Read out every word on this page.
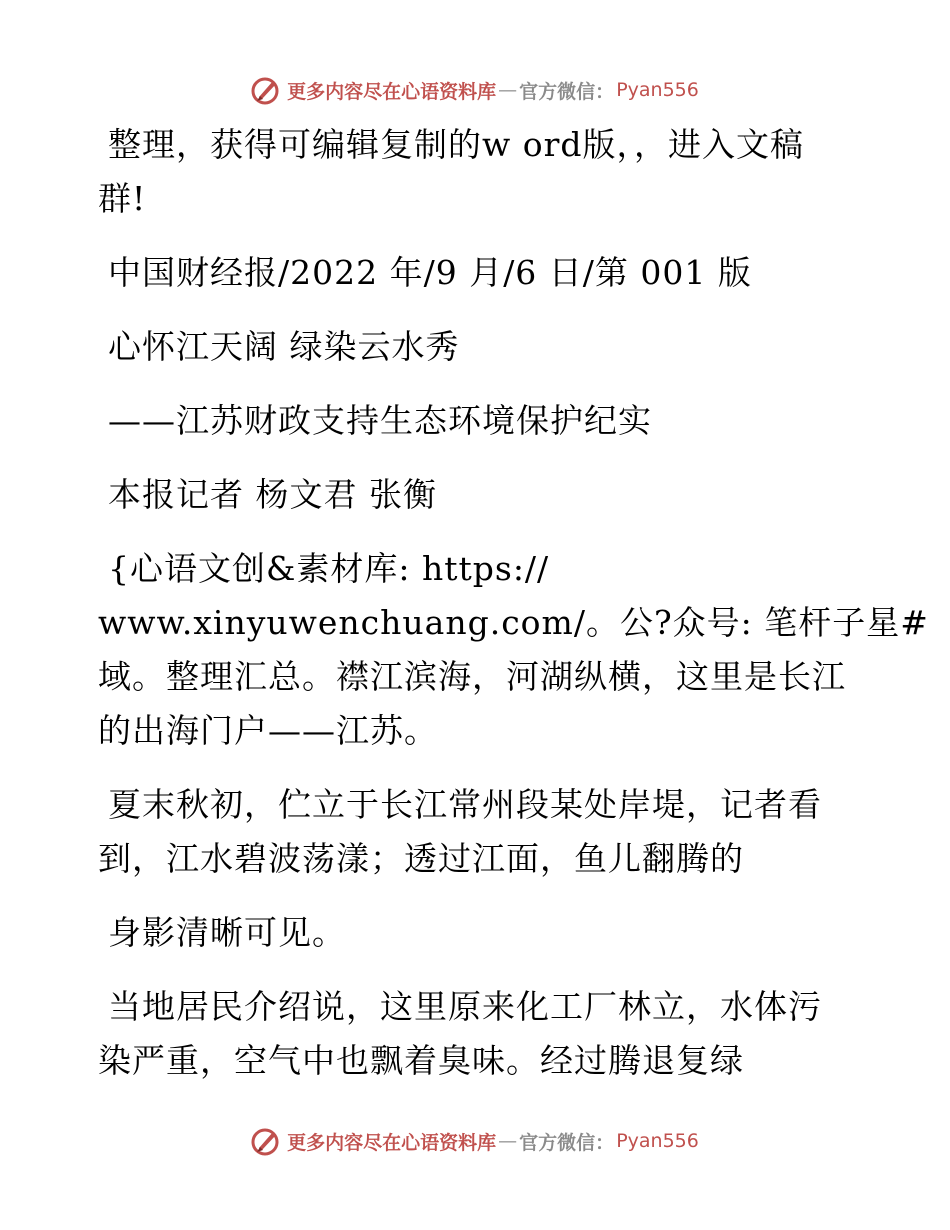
更多内容尽在心语资料库 — 官方微信： Pyan556
整理，获得可编辑复制的w ord版，，进入文稿
群!
中国财经报/2022 年/9 月/6 日/第 001 版
心怀江天阔 绿染云水秀
——江苏财政支持生态环境保护纪实
本报记者 杨文君 张衡
{心语文创&素材库: https://
www.xinyuwenchuang.com/。公?众号: 笔杆子星#
域。整理汇总。襟江滨海，河湖纵横，这里是长江
的出海门户——江苏。
夏末秋初，伫立于长江常州段某处岸堤，记者看
到，江水碧波荡漾；透过江面，鱼儿翻腾的
身影清晰可见。
当地居民介绍说，这里原来化工厂林立，水体污
染严重，空气中也飘着臭味。经过腾退复绿
更多内容尽在心语资料库 — 官方微信： Pyan556
